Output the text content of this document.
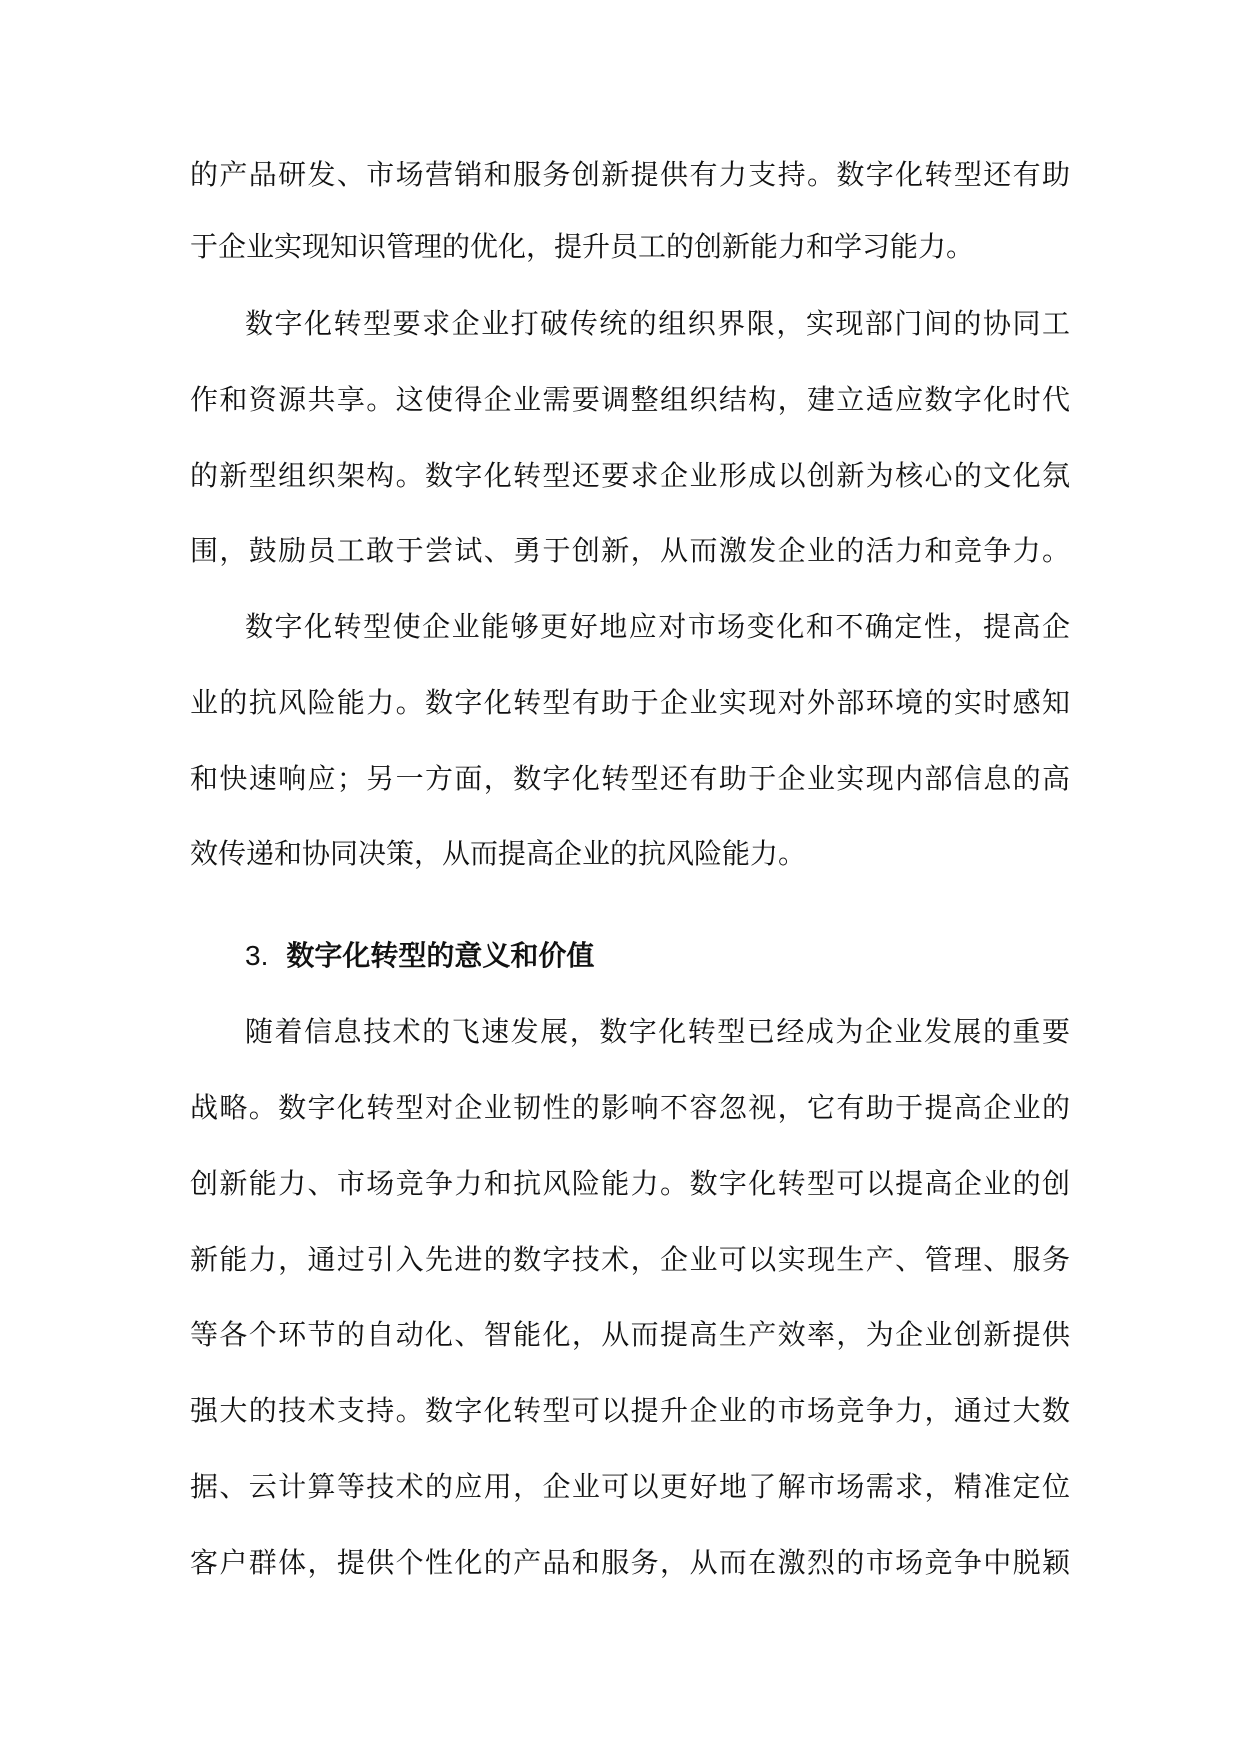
的产品研发、市场营销和服务创新提供有力支持。数字化转型还有助
于企业实现知识管理的优化，提升员工的创新能力和学习能力。
数字化转型要求企业打破传统的组织界限，实现部门间的协同工
作和资源共享。这使得企业需要调整组织结构，建立适应数字化时代
的新型组织架构。数字化转型还要求企业形成以创新为核心的文化氛
围，鼓励员工敢于尝试、勇于创新，从而激发企业的活力和竞争力。
数字化转型使企业能够更好地应对市场变化和不确定性，提高企
业的抗风险能力。数字化转型有助于企业实现对外部环境的实时感知
和快速响应；另一方面，数字化转型还有助于企业实现内部信息的高
效传递和协同决策，从而提高企业的抗风险能力。
3. 数字化转型的意义和价值
随着信息技术的飞速发展，数字化转型已经成为企业发展的重要
战略。数字化转型对企业韧性的影响不容忽视，它有助于提高企业的
创新能力、市场竞争力和抗风险能力。数字化转型可以提高企业的创
新能力，通过引入先进的数字技术，企业可以实现生产、管理、服务
等各个环节的自动化、智能化，从而提高生产效率，为企业创新提供
强大的技术支持。数字化转型可以提升企业的市场竞争力，通过大数
据、云计算等技术的应用，企业可以更好地了解市场需求，精准定位
客户群体，提供个性化的产品和服务，从而在激烈的市场竞争中脱颖
